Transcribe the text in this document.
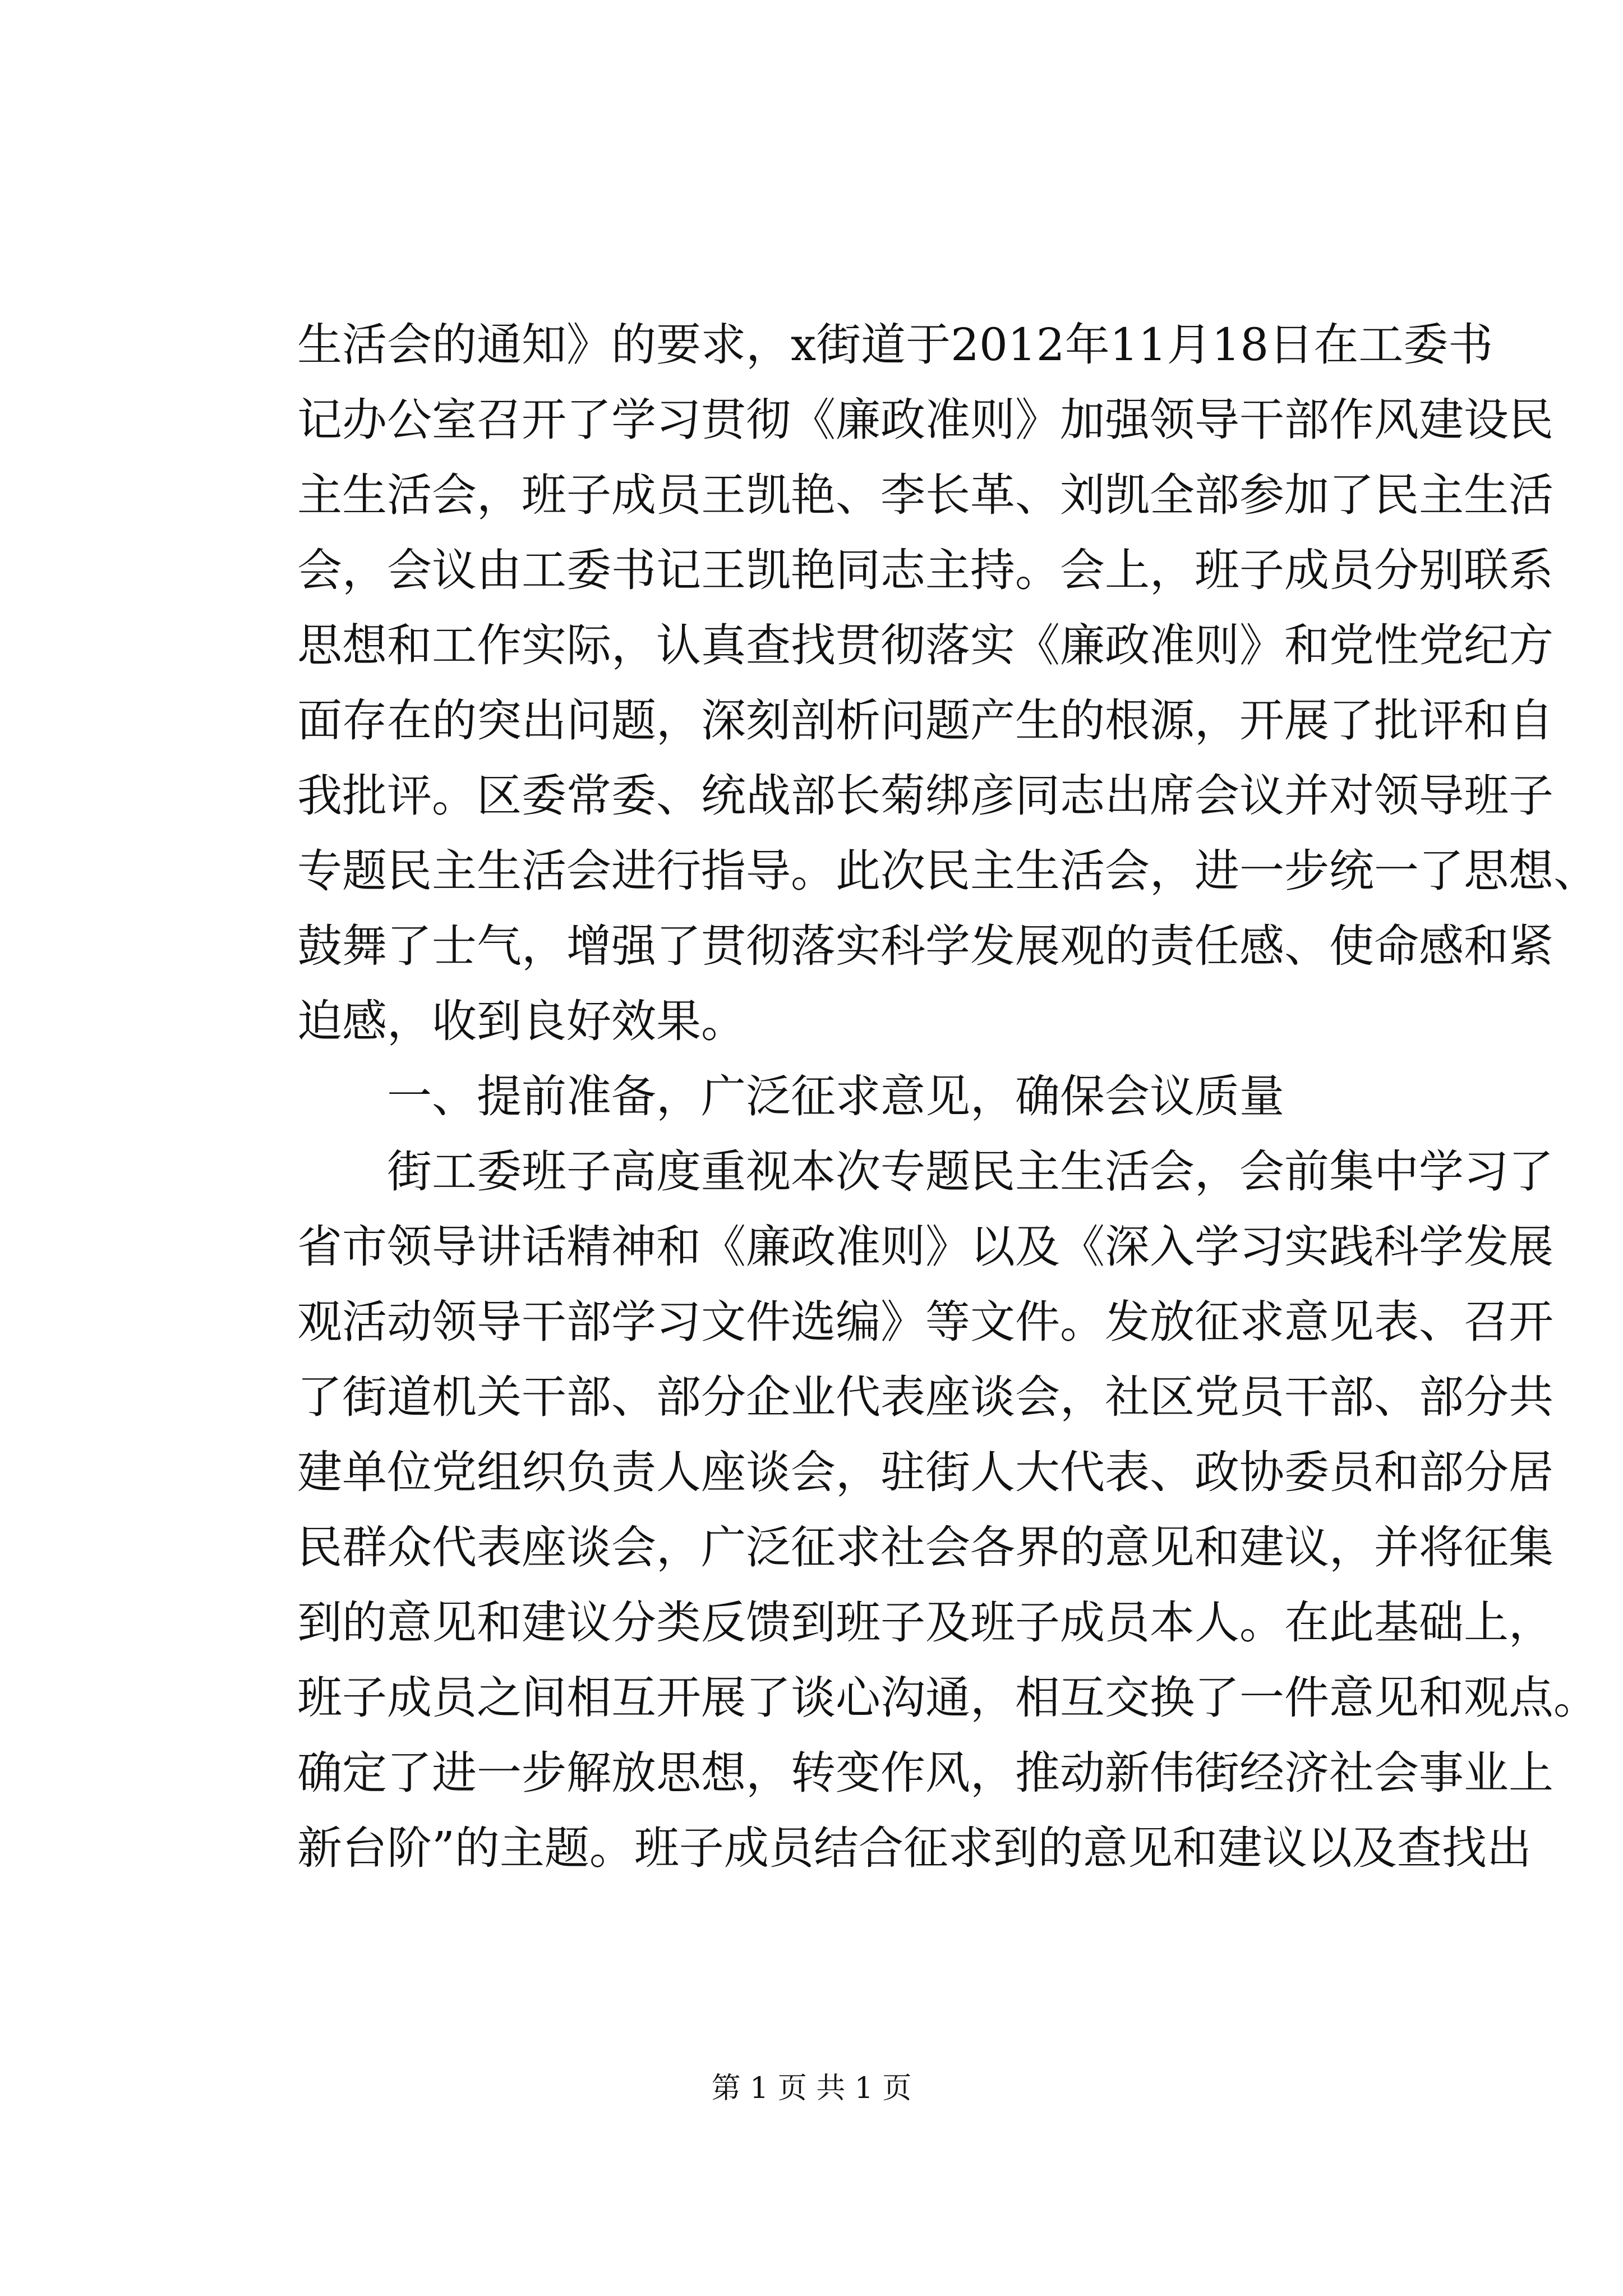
生活会的通知》的要求，x街道于2012年11月18日在工委书
记办公室召开了学习贯彻《廉政准则》加强领导干部作风建设民
主生活会，班子成员王凯艳、李长革、刘凯全部参加了民主生活
会，会议由工委书记王凯艳同志主持。会上，班子成员分别联系
思想和工作实际，认真查找贯彻落实《廉政准则》和党性党纪方
面存在的突出问题，深刻剖析问题产生的根源，开展了批评和自
我批评。区委常委、统战部长菊绑彦同志出席会议并对领导班子
专题民主生活会进行指导。此次民主生活会，进一步统一了思想、
鼓舞了士气，增强了贯彻落实科学发展观的责任感、使命感和紧
迫感，收到良好效果。
一、提前准备，广泛征求意见，确保会议质量
街工委班子高度重视本次专题民主生活会，会前集中学习了
省市领导讲话精神和《廉政准则》以及《深入学习实践科学发展
观活动领导干部学习文件选编》等文件。发放征求意见表、召开
了街道机关干部、部分企业代表座谈会，社区党员干部、部分共
建单位党组织负责人座谈会，驻街人大代表、政协委员和部分居
民群众代表座谈会，广泛征求社会各界的意见和建议，并将征集
到的意见和建议分类反馈到班子及班子成员本人。在此基础上，
班子成员之间相互开展了谈心沟通，相互交换了一件意见和观点。
确定了进一步解放思想，转变作风，推动新伟街经济社会事业上
新台阶”的主题。班子成员结合征求到的意见和建议以及查找出
第 1 页 共 1 页
